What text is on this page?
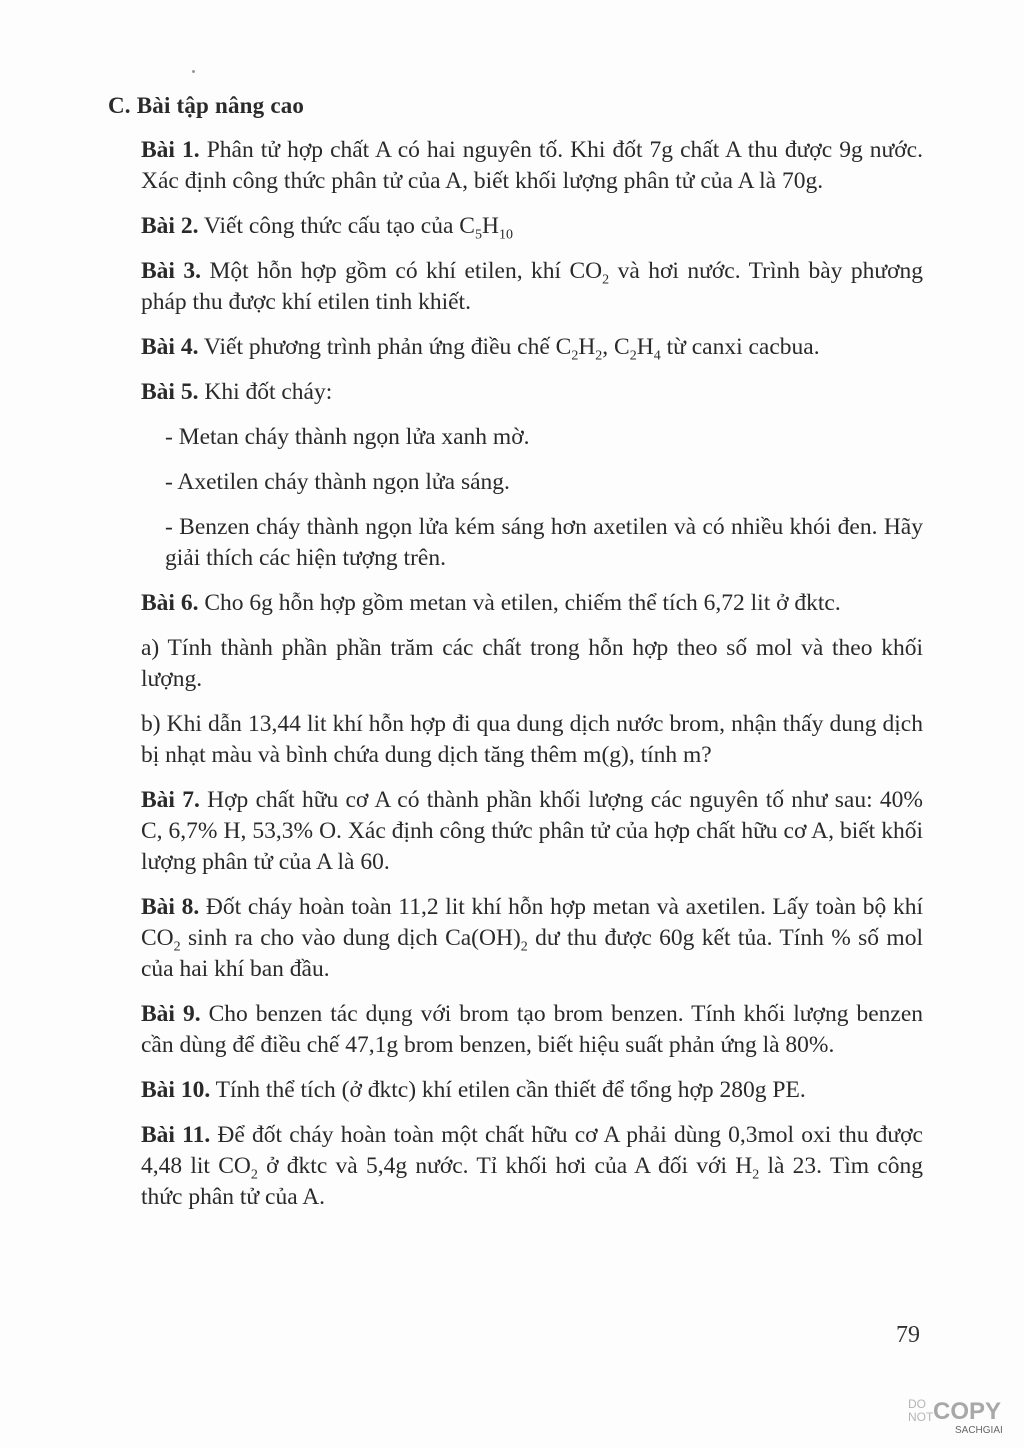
C. Bài tập nâng cao

Bài 1. Phân tử hợp chất A có hai nguyên tố. Khi đốt 7g chất A thu được 9g nước. Xác định công thức phân tử của A, biết khối lượng phân tử của A là 70g.

Bài 2. Viết công thức cấu tạo của $C_5H_{10}$

Bài 3. Một hỗn hợp gồm có khí etilen, khí $CO_2$ và hơi nước. Trình bày phương pháp thu được khí etilen tinh khiết.

Bài 4. Viết phương trình phản ứng điều chế $C_2H_2$, $C_2H_4$ từ canxi cacbua.

Bài 5. Khi đốt cháy:

- Metan cháy thành ngọn lửa xanh mờ.

- Axetilen cháy thành ngọn lửa sáng.

- Benzen cháy thành ngọn lửa kém sáng hơn axetilen và có nhiều khói đen. Hãy giải thích các hiện tượng trên.

Bài 6. Cho 6g hỗn hợp gồm metan và etilen, chiếm thể tích 6,72 lit ở đktc.

a) Tính thành phần phần trăm các chất trong hỗn hợp theo số mol và theo khối lượng.

b) Khi dẫn 13,44 lit khí hỗn hợp đi qua dung dịch nước brom, nhận thấy dung dịch bị nhạt màu và bình chứa dung dịch tăng thêm m(g), tính m?

Bài 7. Hợp chất hữu cơ A có thành phần khối lượng các nguyên tố như sau: 40% C, 6,7% H, 53,3% O. Xác định công thức phân tử của hợp chất hữu cơ A, biết khối lượng phân tử của A là 60.

Bài 8. Đốt cháy hoàn toàn 11,2 lit khí hỗn hợp metan và axetilen. Lấy toàn bộ khí $CO_2$ sinh ra cho vào dung dịch $Ca(OH)_2$ dư thu được 60g kết tủa. Tính % số mol của hai khí ban đầu.

Bài 9. Cho benzen tác dụng với brom tạo brom benzen. Tính khối lượng benzen cần dùng để điều chế 47,1g brom benzen, biết hiệu suất phản ứng là 80%.

Bài 10. Tính thể tích (ở đktc) khí etilen cần thiết để tổng hợp 280g PE.

Bài 11. Để đốt cháy hoàn toàn một chất hữu cơ A phải dùng 0,3mol oxi thu được 4,48 lit $CO_2$ ở đktc và 5,4g nước. Tỉ khối hơi của A đối với $H_2$ là 23. Tìm công thức phân tử của A.

79
DO NOT COPY
SACHGIAI
